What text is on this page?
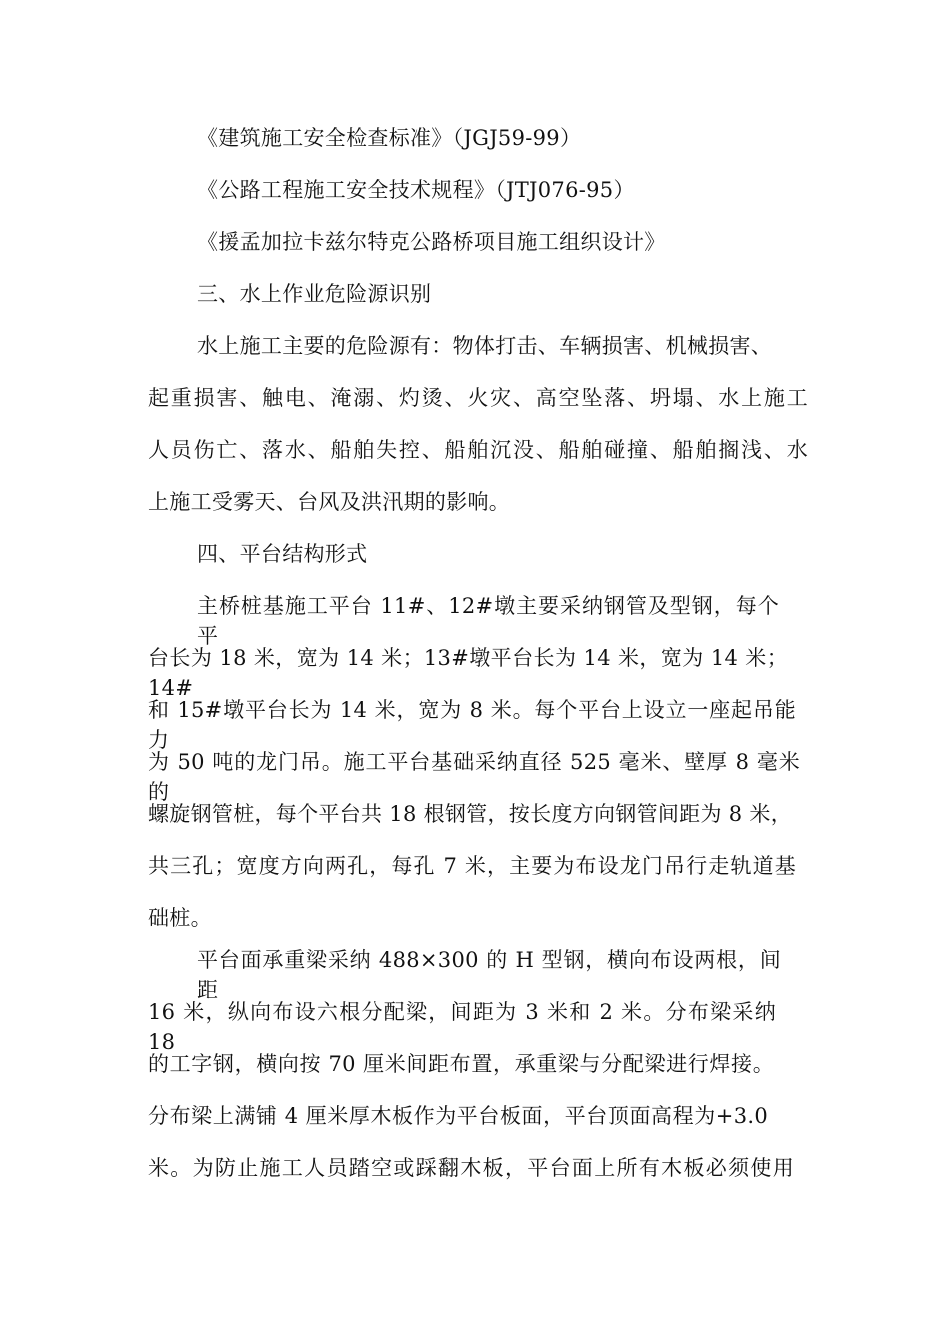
《建筑施工安全检查标准》（JGJ59-99）
《公路工程施工安全技术规程》（JTJ076-95）
《援孟加拉卡兹尔特克公路桥项目施工组织设计》
三、水上作业危险源识别
水上施工主要的危险源有：物体打击、车辆损害、机械损害、
起重损害、触电、淹溺、灼烫、火灾、高空坠落、坍塌、水上施工
人员伤亡、落水、船舶失控、船舶沉没、船舶碰撞、船舶搁浅、水
上施工受雾天、台风及洪汛期的影响。
四、平台结构形式
主桥桩基施工平台 11#、12#墩主要采纳钢管及型钢，每个平
台长为 18 米，宽为 14 米；13#墩平台长为 14 米，宽为 14 米；14#
和 15#墩平台长为 14 米，宽为 8 米。每个平台上设立一座起吊能力
为 50 吨的龙门吊。施工平台基础采纳直径 525 毫米、壁厚 8 毫米的
螺旋钢管桩，每个平台共 18 根钢管，按长度方向钢管间距为 8 米，
共三孔；宽度方向两孔，每孔 7 米，主要为布设龙门吊行走轨道基
础桩。
平台面承重梁采纳 488×300 的 H 型钢，横向布设两根，间距
16 米，纵向布设六根分配梁，间距为 3 米和 2 米。分布梁采纳 18
的工字钢，横向按 70 厘米间距布置，承重梁与分配梁进行焊接。
分布梁上满铺 4 厘米厚木板作为平台板面，平台顶面高程为+3.0
米。为防止施工人员踏空或踩翻木板，平台面上所有木板必须使用
